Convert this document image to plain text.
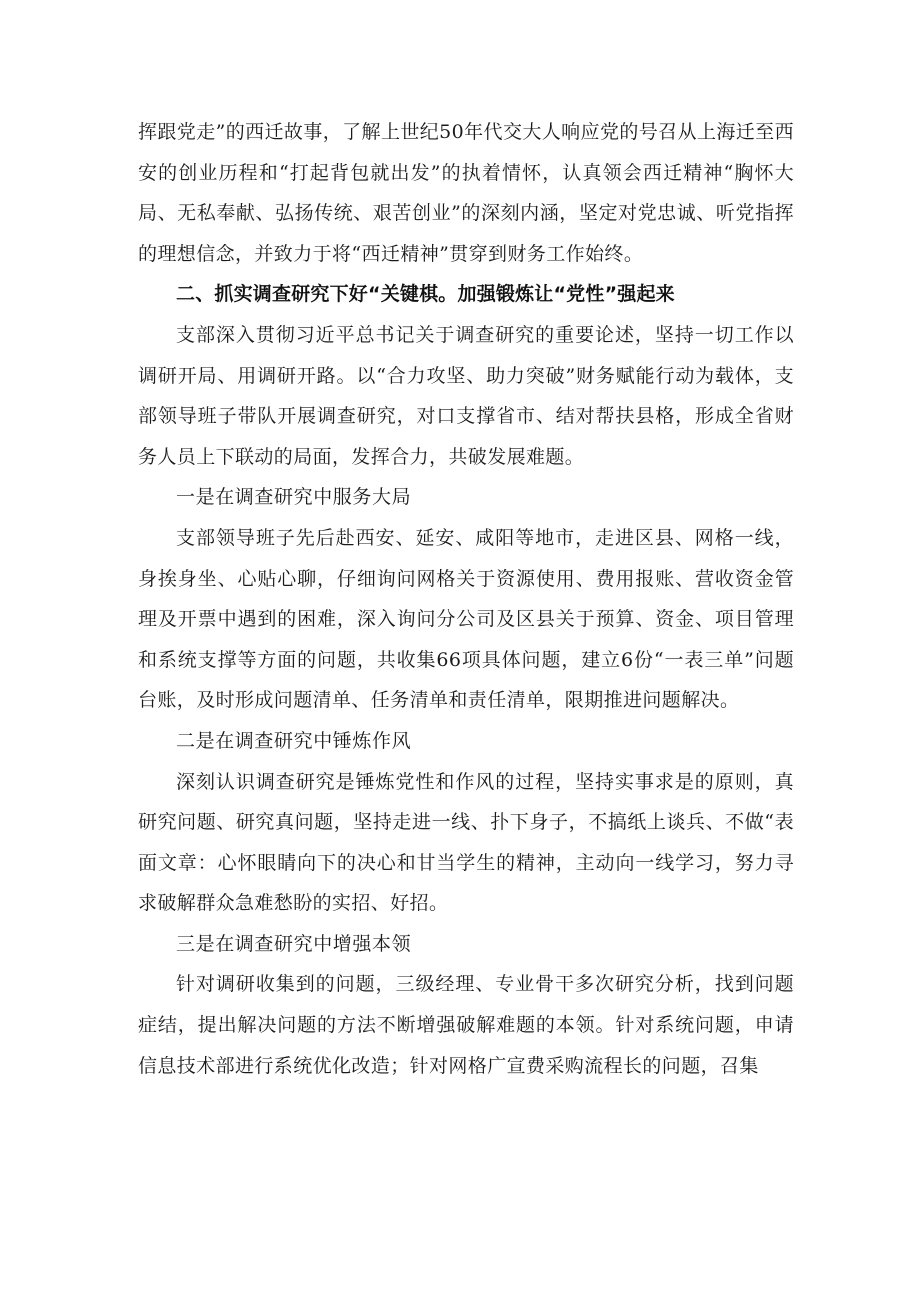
挥跟党走”的西迁故事，了解上世纪50年代交大人响应党的号召从上海迁至西安的创业历程和“打起背包就出发”的执着情怀，认真领会西迁精神“胸怀大局、无私奉献、弘扬传统、艰苦创业”的深刻内涵，坚定对党忠诚、听党指挥的理想信念，并致力于将“西迁精神”贯穿到财务工作始终。

二、抓实调查研究下好“关键棋。加强锻炼让“党性”强起来

支部深入贯彻习近平总书记关于调查研究的重要论述，坚持一切工作以调研开局、用调研开路。以“合力攻坚、助力突破”财务赋能行动为载体，支部领导班子带队开展调查研究，对口支撑省市、结对帮扶县格，形成全省财务人员上下联动的局面，发挥合力，共破发展难题。

一是在调查研究中服务大局

支部领导班子先后赴西安、延安、咸阳等地市，走进区县、网格一线，身挨身坐、心贴心聊，仔细询问网格关于资源使用、费用报账、营收资金管理及开票中遇到的困难，深入询问分公司及区县关于预算、资金、项目管理和系统支撑等方面的问题，共收集66项具体问题，建立6份“一表三单”问题台账，及时形成问题清单、任务清单和责任清单，限期推进问题解决。

二是在调查研究中锤炼作风

深刻认识调查研究是锤炼党性和作风的过程，坚持实事求是的原则，真研究问题、研究真问题，坚持走进一线、扑下身子，不搞纸上谈兵、不做“表面文章：心怀眼睛向下的决心和甘当学生的精神，主动向一线学习，努力寻求破解群众急难愁盼的实招、好招。

三是在调查研究中增强本领

针对调研收集到的问题，三级经理、专业骨干多次研究分析，找到问题症结，提出解决问题的方法不断增强破解难题的本领。针对系统问题，申请信息技术部进行系统优化改造；针对网格广宣费采购流程长的问题，召集
